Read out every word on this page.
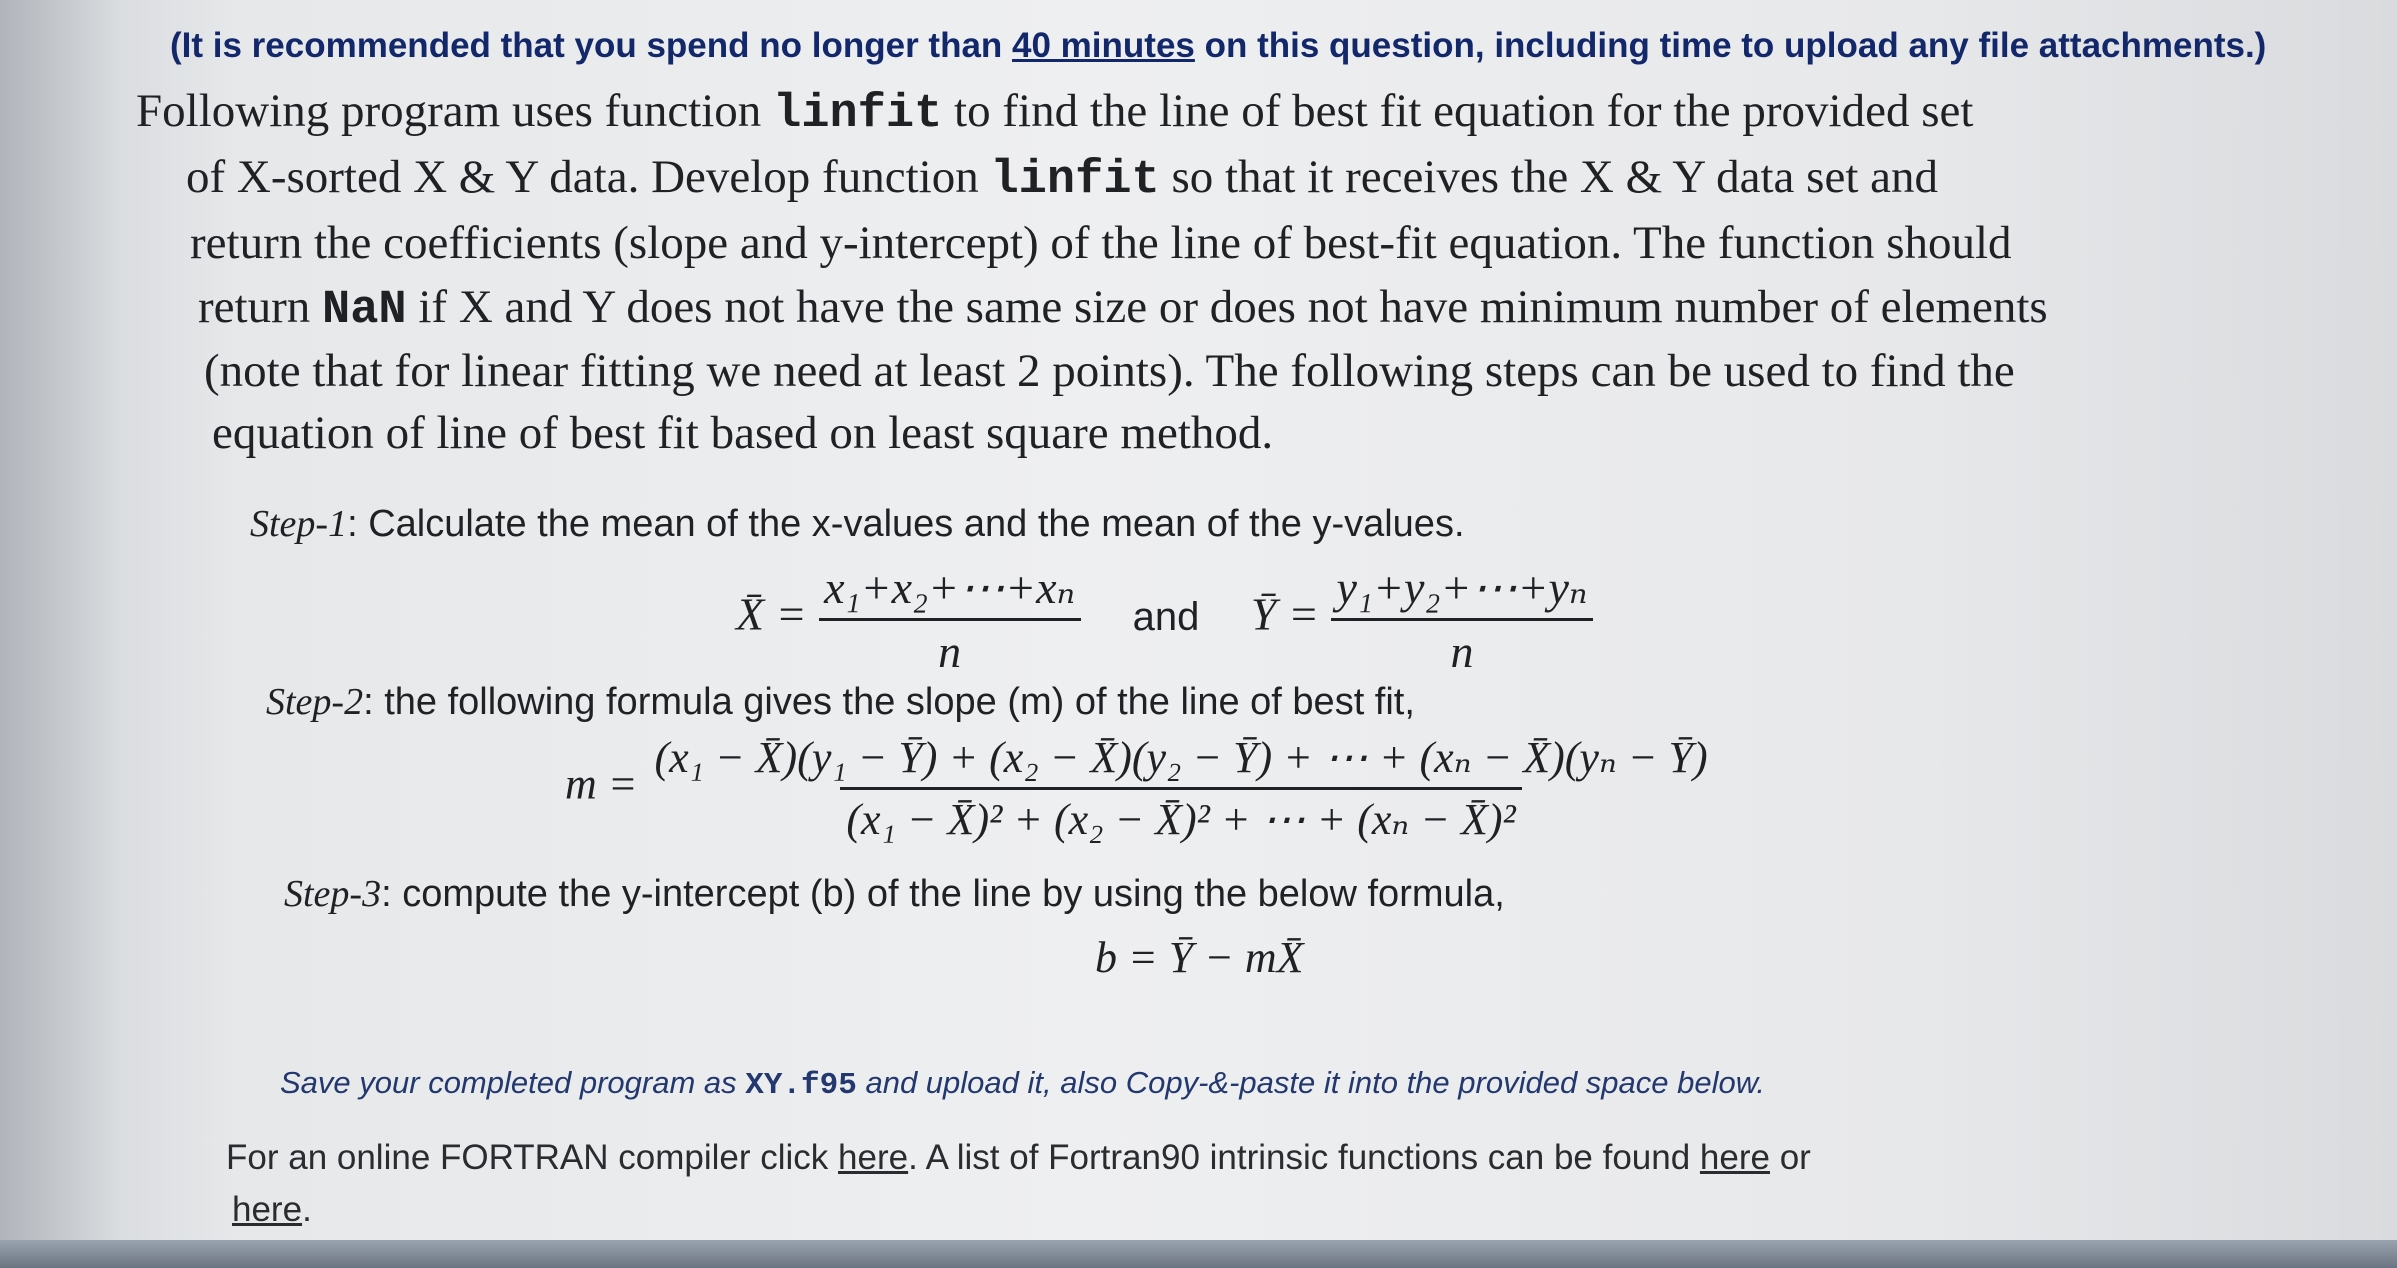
(It is recommended that you spend no longer than 40 minutes on this question, including time to upload any file attachments.)
Following program uses function linfit to find the line of best fit equation for the provided set
of X-sorted X & Y data. Develop function linfit so that it receives the X & Y data set and
return the coefficients (slope and y-intercept) of the line of best-fit equation. The function should
return NaN if X and Y does not have the same size or does not have minimum number of elements
(note that for linear fitting we need at least 2 points). The following steps can be used to find the
equation of line of best fit based on least square method.
Step-1: Calculate the mean of the x-values and the mean of the y-values.
X̄ = $\frac{\text{x₁+x₂+⋯+xₙ}}{n}$ and Ȳ = $\frac{\text{y₁+y₂+⋯+yₙ}}{n}$
Step-2: the following formula gives the slope (m) of the line of best fit,
m =
(x₁ − X̄)(y₁ − Ȳ) + (x₂ − X̄)(y₂ − Ȳ) + ⋯ + (xₙ − X̄)(yₙ − Ȳ)
(x₁ − X̄)² + (x₂ − X̄)² + ⋯ + (xₙ − X̄)²
Step-3: compute the y-intercept (b) of the line by using the below formula,
b = Ȳ − mX̄
Save your completed program as XY.f95 and upload it, also Copy-&-paste it into the provided space below.
For an online FORTRAN compiler click here. A list of Fortran90 intrinsic functions can be found here or
here.
